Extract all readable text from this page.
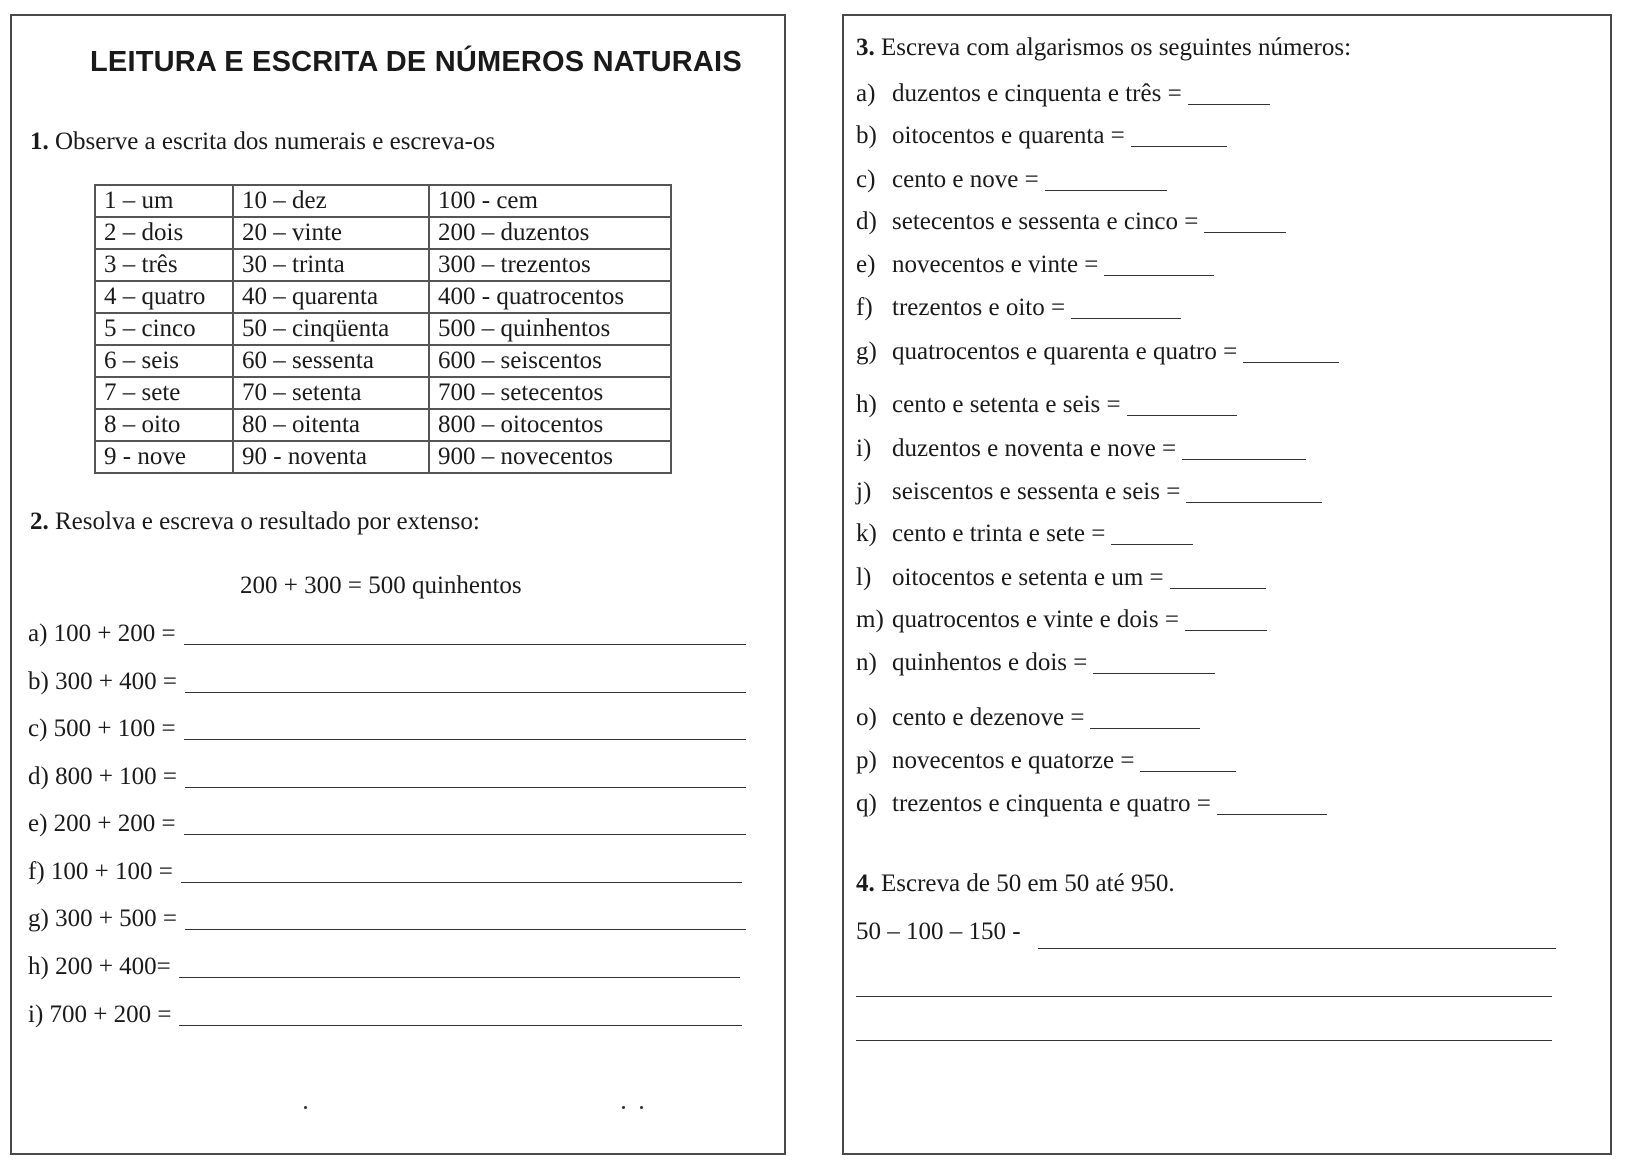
LEITURA E ESCRITA DE NÚMEROS NATURAIS
1. Observe a escrita dos numerais e escreva-os
1 – um	10 – dez	100 - cem
2 – dois	20 – vinte	200 – duzentos
3 – três	30 – trinta	300 – trezentos
4 – quatro	40 – quarenta	400 - quatrocentos
5 – cinco	50 – cinqüenta	500 – quinhentos
6 – seis	60 – sessenta	600 – seiscentos
7 – sete	70 – setenta	700 – setecentos
8 – oito	80 – oitenta	800 – oitocentos
9 - nove	90 - noventa	900 – novecentos
2. Resolva e escreva o resultado por extenso:
200 + 300 = 500 quinhentos
a) 100 + 200 =
b) 300 + 400 =
c) 500 + 100 =
d) 800 + 100 =
e) 200 + 200 =
f) 100 + 100 =
g) 300 + 500 =
h) 200 + 400=
i) 700 + 200 =
3. Escreva com algarismos os seguintes números:
a) duzentos e cinquenta e três =
b) oitocentos e quarenta =
c) cento e nove =
d) setecentos e sessenta e cinco =
e) novecentos e vinte =
f) trezentos e oito =
g) quatrocentos e quarenta e quatro =
h) cento e setenta e seis =
i) duzentos e noventa e nove =
j) seiscentos e sessenta e seis =
k) cento e trinta e sete =
l) oitocentos e setenta e um =
m) quatrocentos e vinte e dois =
n) quinhentos e dois =
o) cento e dezenove =
p) novecentos e quatorze =
q) trezentos e cinquenta e quatro =
4. Escreva de 50 em 50 até 950.
50 – 100 – 150 -
